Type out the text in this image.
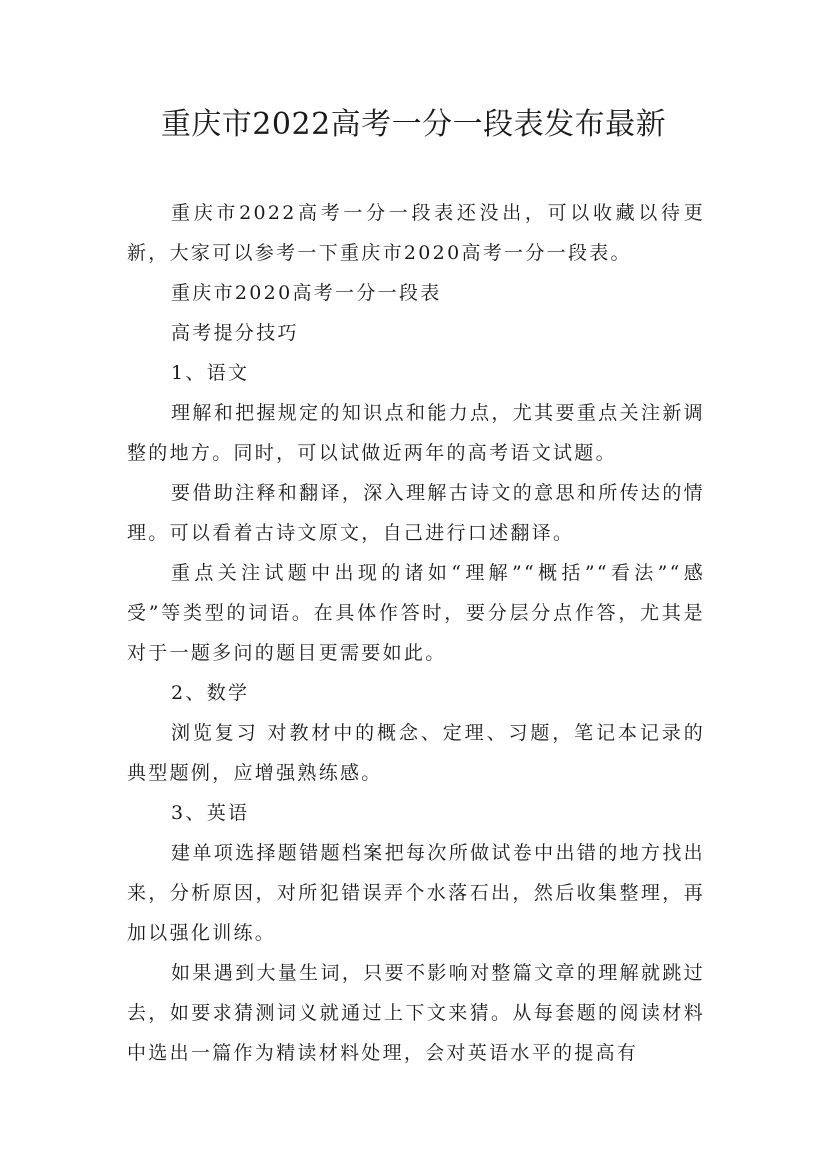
重庆市2022高考一分一段表发布最新

重庆市2022高考一分一段表还没出，可以收藏以待更新，大家可以参考一下重庆市2020高考一分一段表。

重庆市2020高考一分一段表

高考提分技巧

1、语文

理解和把握规定的知识点和能力点，尤其要重点关注新调整的地方。同时，可以试做近两年的高考语文试题。

要借助注释和翻译，深入理解古诗文的意思和所传达的情理。可以看着古诗文原文，自己进行口述翻译。

重点关注试题中出现的诸如“理解”“概括”“看法”“感受”等类型的词语。在具体作答时，要分层分点作答，尤其是对于一题多问的题目更需要如此。

2、数学

浏览复习 对教材中的概念、定理、习题，笔记本记录的典型题例，应增强熟练感。

3、英语

建单项选择题错题档案把每次所做试卷中出错的地方找出来，分析原因，对所犯错误弄个水落石出，然后收集整理，再加以强化训练。

如果遇到大量生词，只要不影响对整篇文章的理解就跳过去，如要求猜测词义就通过上下文来猜。从每套题的阅读材料中选出一篇作为精读材料处理，会对英语水平的提高有
